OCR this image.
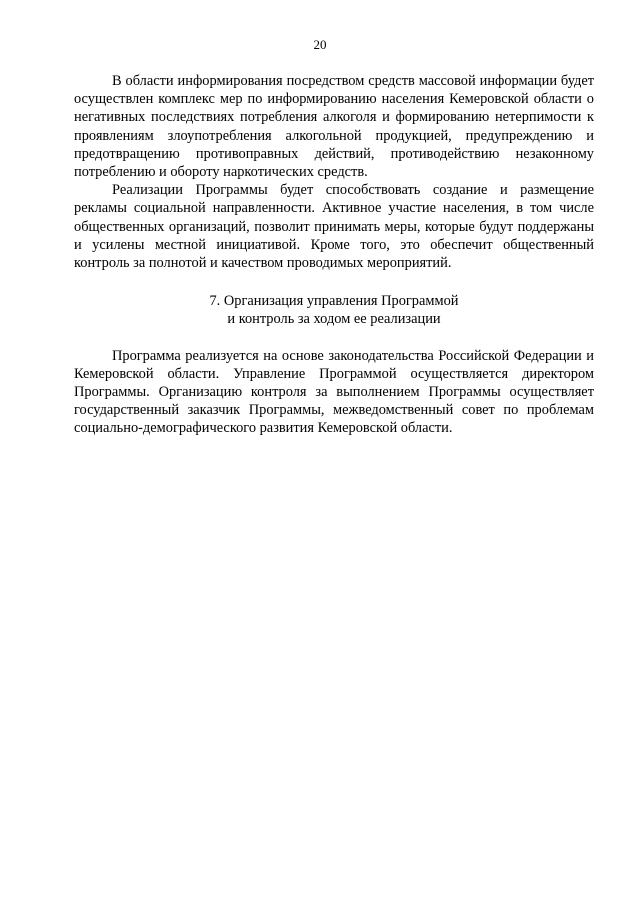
20

В области информирования посредством средств массовой информации будет осуществлен комплекс мер по информированию населения Кемеровской области о негативных последствиях потребления алкоголя и формированию нетерпимости к проявлениям злоупотребления алкогольной продукцией, предупреждению и предотвращению противоправных действий, противодействию незаконному потреблению и обороту наркотических средств.

Реализации Программы будет способствовать создание и размещение рекламы социальной направленности. Активное участие населения, в том числе общественных организаций, позволит принимать меры, которые будут поддержаны и усилены местной инициативой. Кроме того, это обеспечит общественный контроль за полнотой и качеством проводимых мероприятий.

7. Организация управления Программой
и контроль за ходом ее реализации

Программа реализуется на основе законодательства Российской Федерации и Кемеровской области. Управление Программой осуществляется директором Программы. Организацию контроля за выполнением Программы осуществляет государственный заказчик Программы, межведомственный совет по проблемам социально-демографического развития Кемеровской области.
